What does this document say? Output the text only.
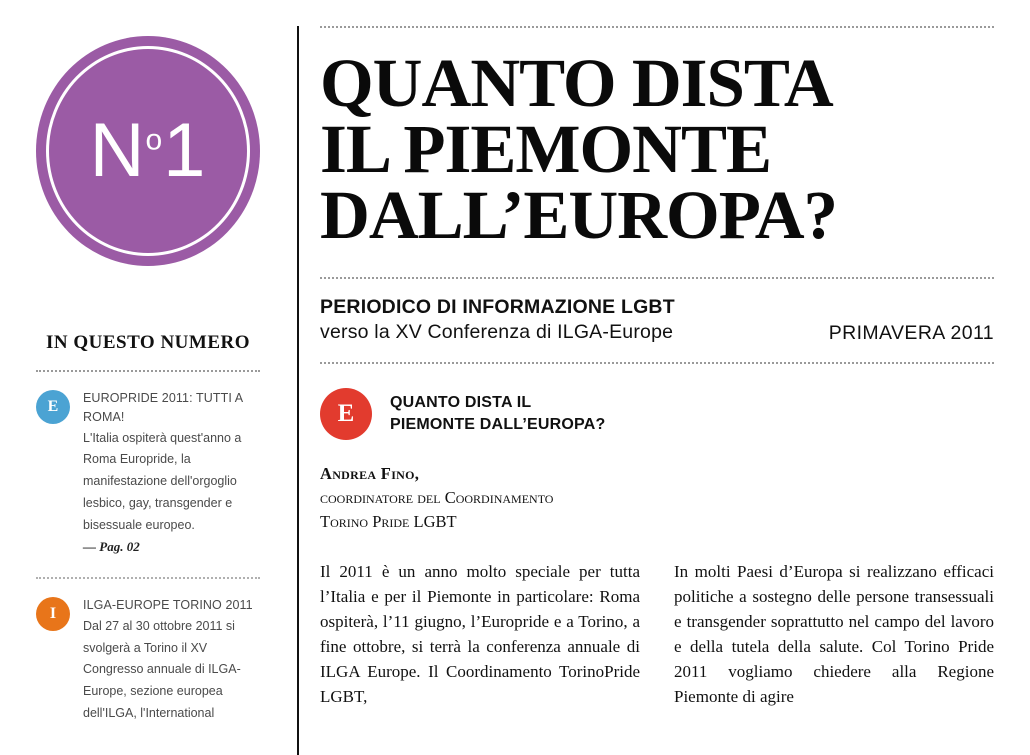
$N^o1$
IN QUESTO NUMERO
E	EUROPRIDE 2011: TUTTI A ROMA!
L'Italia ospiterà quest'anno a Roma Europride, la manifestazione dell'orgoglio lesbico, gay, transgender e bisessuale europeo.
— Pag. 02
I	ILGA-EUROPE TORINO 2011
Dal 27 al 30 ottobre 2011 si svolgerà a Torino il XV Congresso annuale di ILGA-Europe, sezione europea dell'ILGA, l'International
QUANTO DISTA
IL PIEMONTE
DALL’EUROPA?
PERIODICO DI INFORMAZIONE LGBT
verso la XV Conferenza di ILGA-Europe	PRIMAVERA 2011
E	QUANTO DISTA IL
PIEMONTE DALL’EUROPA?
Andrea Fino,
coordinatore del Coordinamento
Torino Pride LGBT

Il 2011 è un anno molto speciale per tutta l’Italia e per il Piemonte in particolare: Roma ospiterà, l’11 giugno, l’Europride e a Torino, a fine ottobre, si terrà la conferenza annuale di ILGA Europe. Il Coordinamento TorinoPride LGBT,

In molti Paesi d’Europa si realizzano efficaci politiche a sostegno delle persone transessuali e transgender soprattutto nel campo del lavoro e della tutela della salute. Col Torino Pride 2011 vogliamo chiedere alla Regione Piemonte di agire
